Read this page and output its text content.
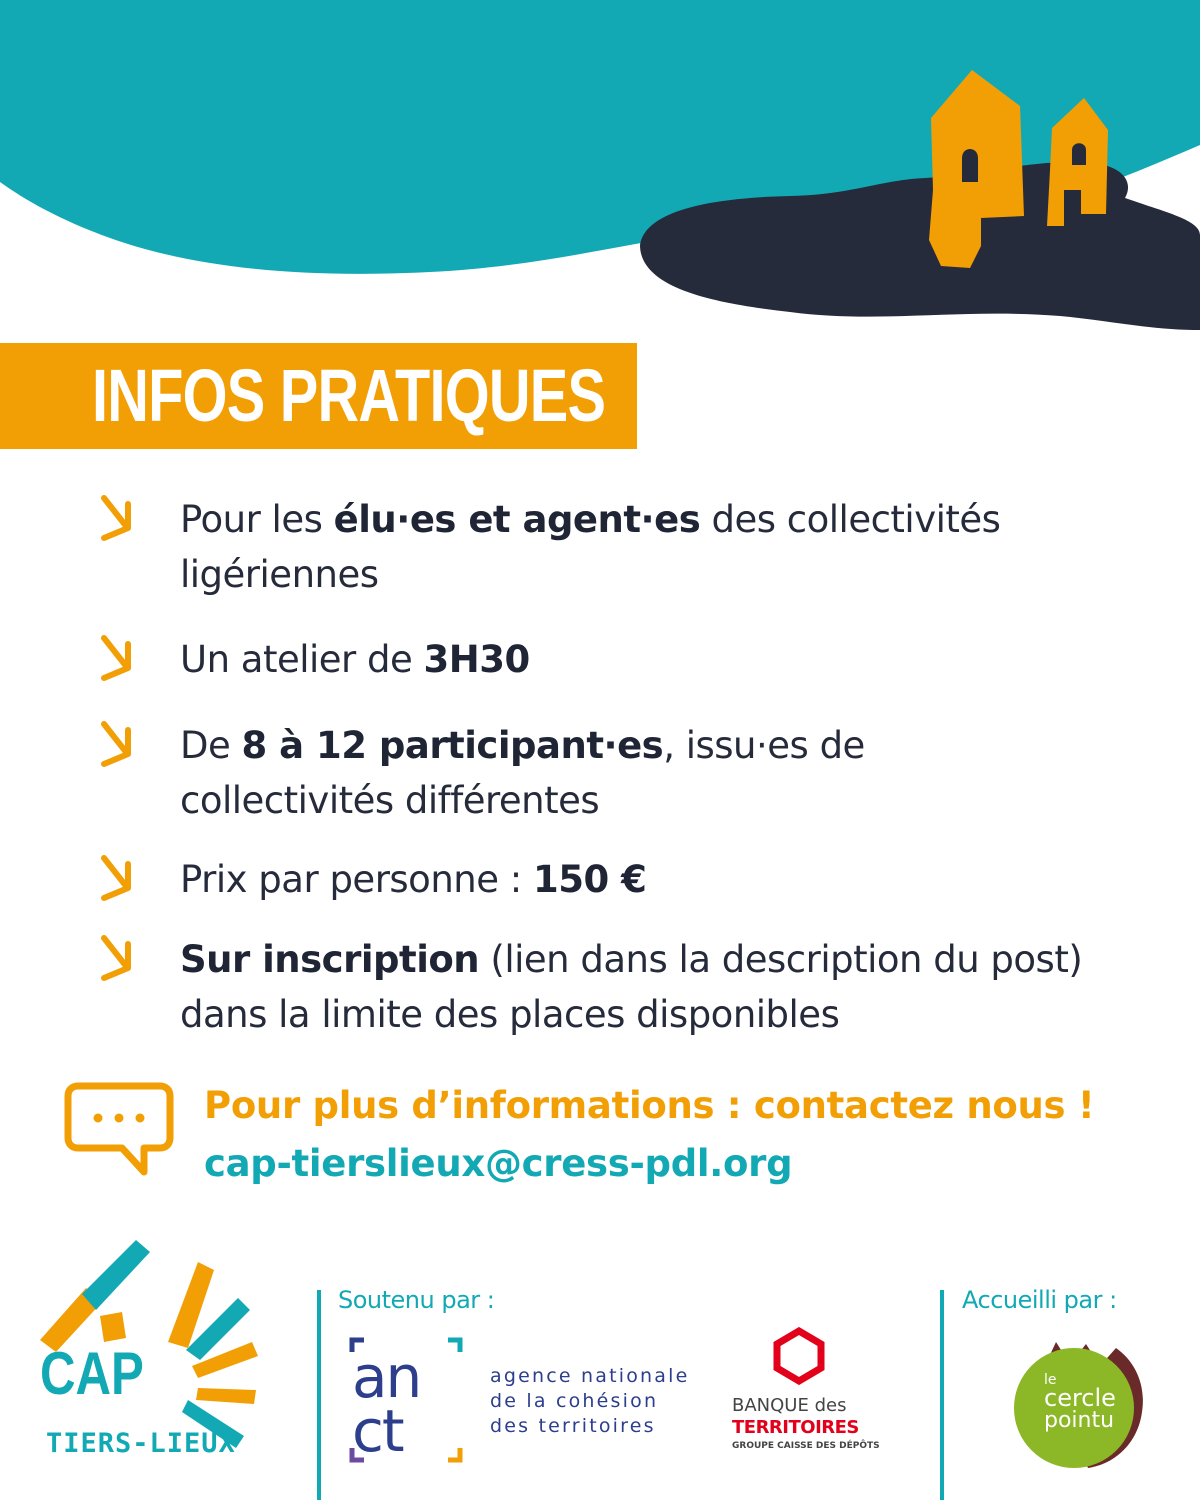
INFOS PRATIQUES
Pour les élu·es et agent·es des collectivités
ligériennes
Un atelier de 3H30
De 8 à 12 participant·es, issu·es de
collectivités différentes
Prix par personne : 150 €
Sur inscription (lien dans la description du post)
dans la limite des places disponibles
Pour plus d’informations : contactez nous !
cap-tierslieux@cress-pdl.org
CAP
TIERS-LIEUX
Soutenu par :
an
ct
agence nationale
de la cohésion
des territoires
BANQUE des
TERRITOIRES
GROUPE CAISSE DES DÉPÔTS
Accueilli par :
le
cercle
pointu
